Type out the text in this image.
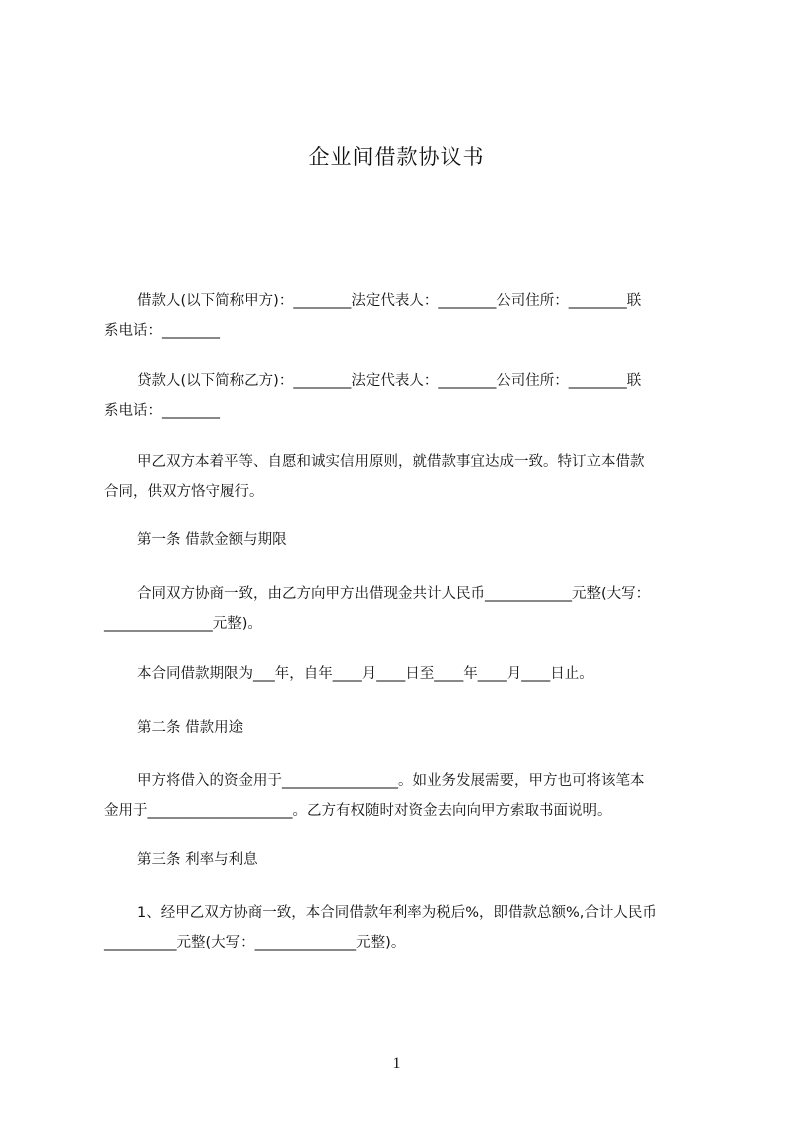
企业间借款协议书
借款人(以下简称甲方)：________法定代表人：________公司住所：________联
系电话：________
贷款人(以下简称乙方)：________法定代表人：________公司住所：________联
系电话：________
甲乙双方本着平等、自愿和诚实信用原则，就借款事宜达成一致。特订立本借款
合同，供双方恪守履行。
第一条 借款金额与期限
合同双方协商一致，由乙方向甲方出借现金共计人民币____________元整(大写：
_______________元整)。
本合同借款期限为___年，自年____月____日至____年____月____日止。
第二条 借款用途
甲方将借入的资金用于________________。如业务发展需要，甲方也可将该笔本
金用于____________________。乙方有权随时对资金去向向甲方索取书面说明。
第三条 利率与利息
1、经甲乙双方协商一致，本合同借款年利率为税后%，即借款总额%,合计人民币
__________元整(大写：______________元整)。
1
